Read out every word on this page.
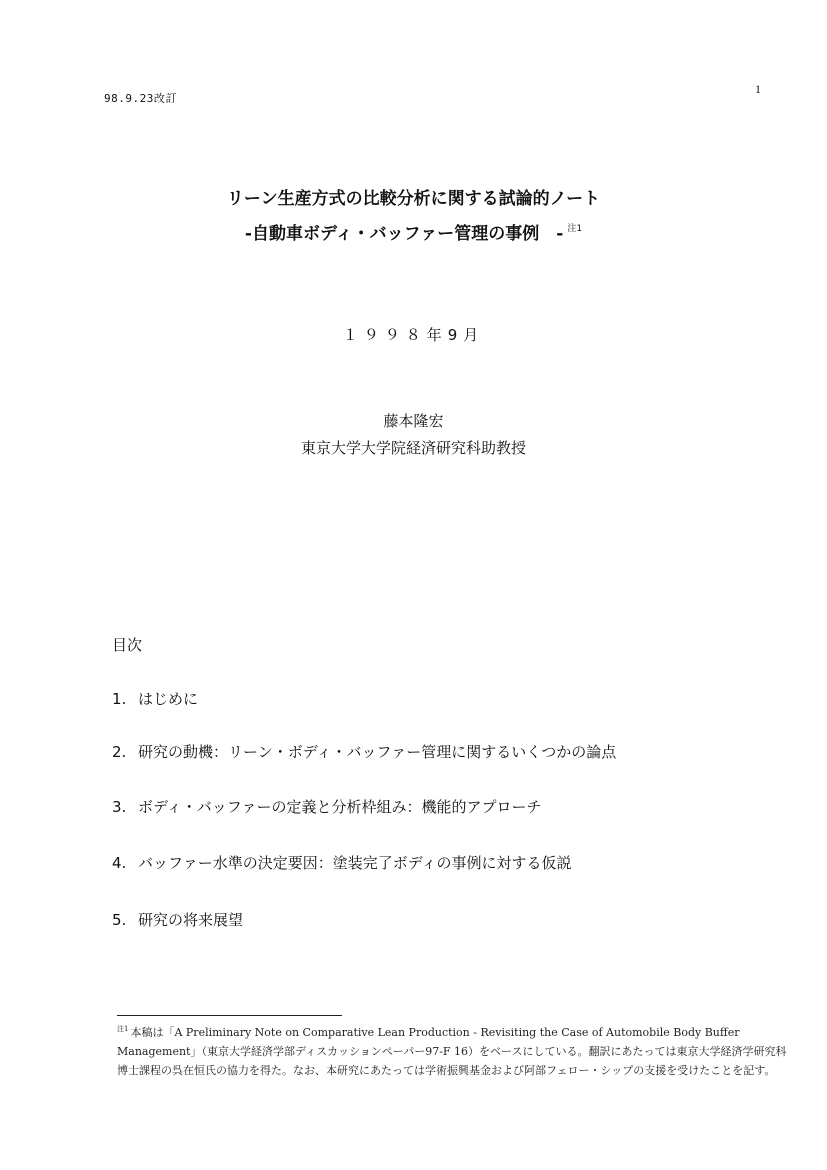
98.9.23改訂
1
リーン生産方式の比較分析に関する試論的ノート
-自動車ボディ・バッファー管理の事例　- $^{注1}$
１９９８年9月
藤本隆宏
東京大学大学院経済研究科助教授
目次
1. はじめに
2. 研究の動機：リーン・ボディ・バッファー管理に関するいくつかの論点
3. ボディ・バッファーの定義と分析枠組み：機能的アプローチ
4. バッファー水準の決定要因：塗装完了ボディの事例に対する仮説
5. 研究の将来展望
$^{注1}$ 本稿は「A Preliminary Note on Comparative Lean Production - Revisiting the Case of Automobile Body Buffer Management」（東京大学経済学部ディスカッションペーパー97-F 16）をベースにしている。翻訳にあたっては東京大学経済学研究科博士課程の呉在恒氏の協力を得た。なお、本研究にあたっては学術振興基金および阿部フェロー・シップの支援を受けたことを記す。
